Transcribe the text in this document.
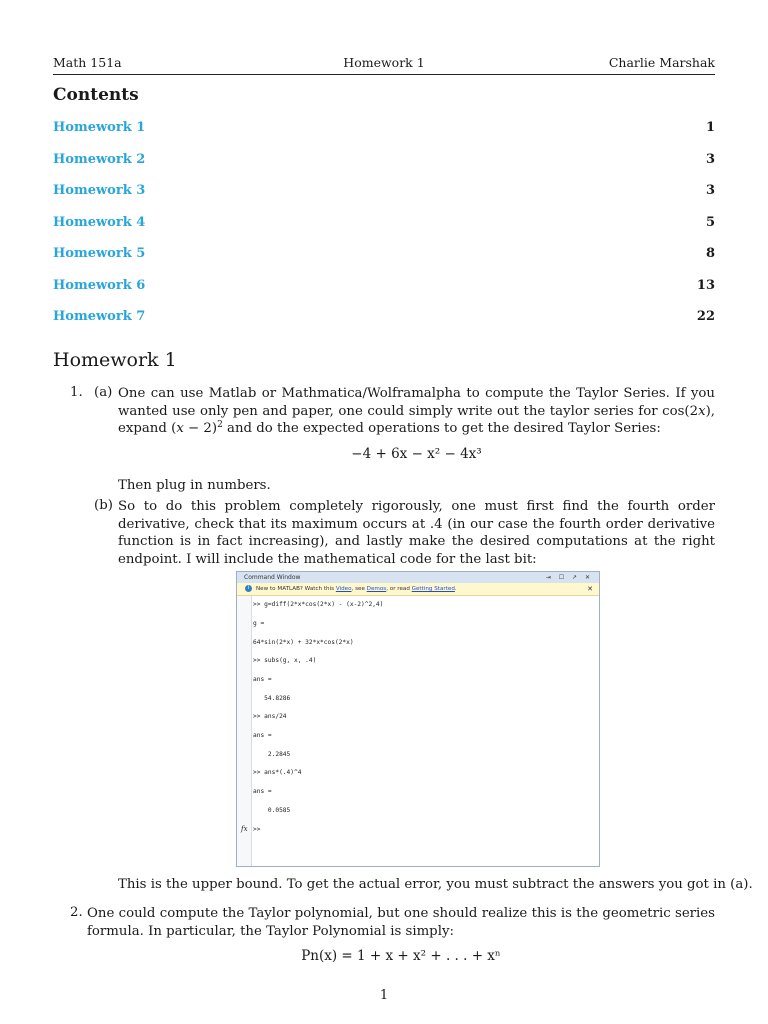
Math 151a	Homework 1	Charlie Marshak
Contents
Homework 1	1
Homework 2	3
Homework 3	3
Homework 4	5
Homework 5	8
Homework 6	13
Homework 7	22
Homework 1
1. (a) One can use Matlab or Mathmatica/Wolframalpha to compute the Taylor Series. If you wanted use only pen and paper, one could simply write out the taylor series for cos(2x), expand $(x - 2)^2$ and do the expected operations to get the desired Taylor Series:
−4 + 6x − x² − 4x³
Then plug in numbers.
(b) So to do this problem completely rigorously, one must first find the fourth order derivative, check that its maximum occurs at .4 (in our case the fourth order derivative function is in fact increasing), and lastly make the desired computations at the right endpoint. I will include the mathematical code for the last bit:
Command Window	⇥ ☐ ↗ ✕
i	New to MATLAB? Watch this Video, see Demos, or read Getting Started.	✕
>> g=diff(2*x*cos(2*x) - (x-2)^2,4)
g =
64*sin(2*x) + 32*x*cos(2*x)
>> subs(g, x, .4)
ans =
54.8286
>> ans/24
ans =
2.2845
>> ans*(.4)^4
ans =
0.0585
fx >>
This is the upper bound. To get the actual error, you must subtract the answers you got in (a).
2. One could compute the Taylor polynomial, but one should realize this is the geometric series formula. In particular, the Taylor Polynomial is simply:
Pn(x) = 1 + x + x² + . . . + xⁿ
1
